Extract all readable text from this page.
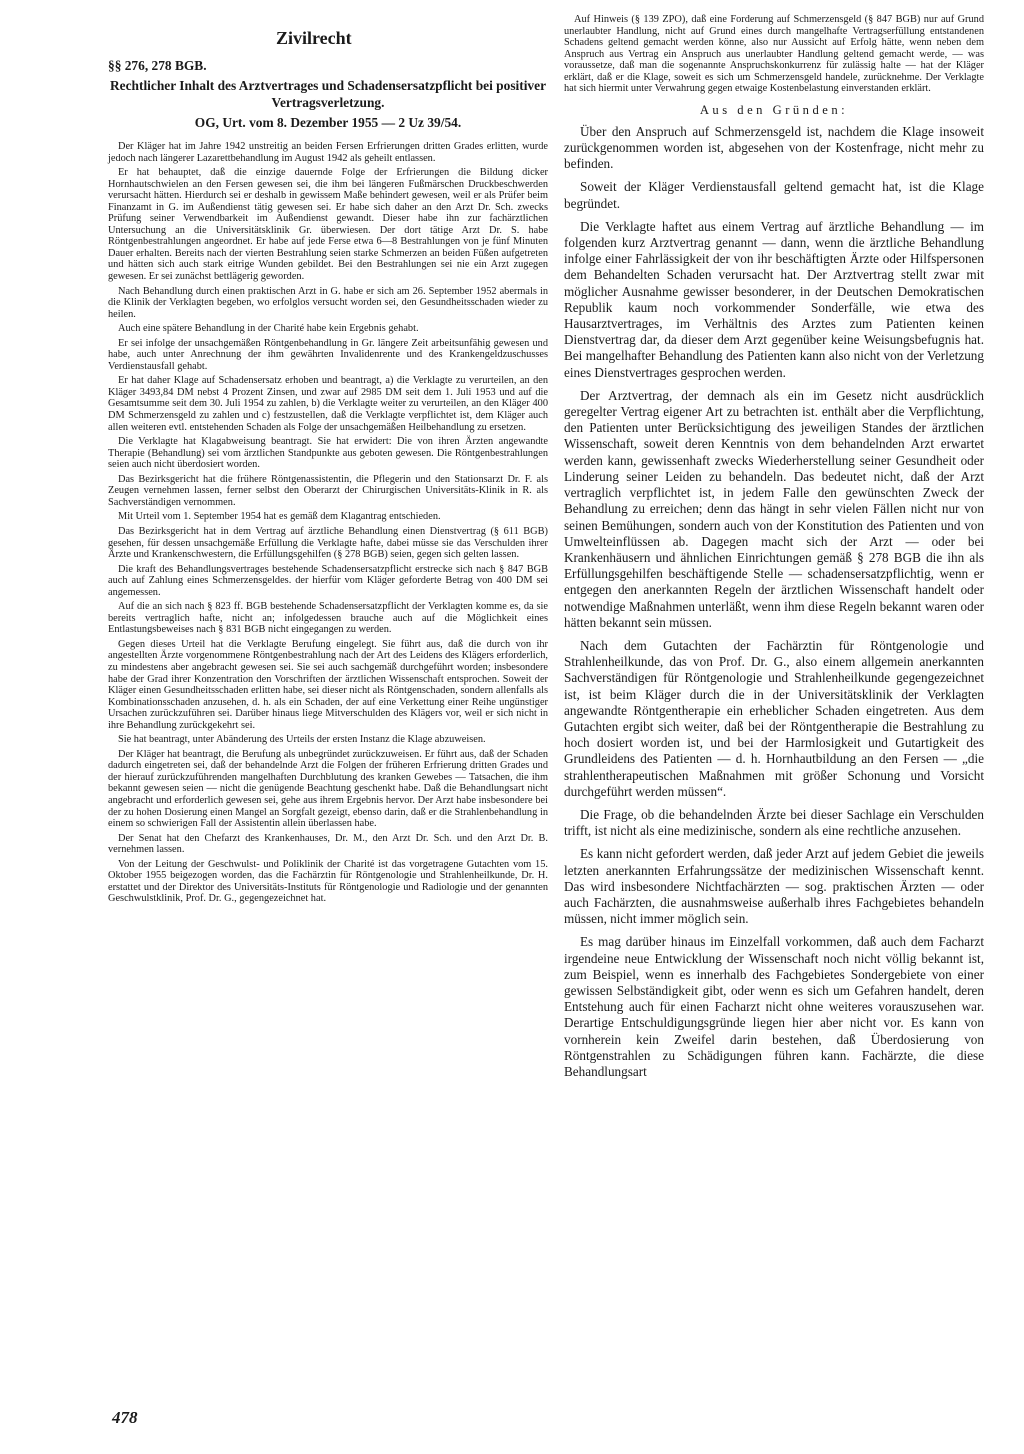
Zivilrecht

§§ 276, 278 BGB.

Rechtlicher Inhalt des Arztvertrages und Schadensersatzpflicht bei positiver Vertragsverletzung.

OG, Urt. vom 8. Dezember 1955 — 2 Uz 39/54.

Der Kläger hat im Jahre 1942 unstreitig an beiden Fersen Erfrierungen dritten Grades erlitten, wurde jedoch nach längerer Lazarettbehandlung im August 1942 als geheilt entlassen.

Er hat behauptet, daß die einzige dauernde Folge der Erfrierungen die Bildung dicker Hornhautschwielen an den Fersen gewesen sei, die ihm bei längeren Fußmärschen Druckbeschwerden verursacht hätten. Hierdurch sei er deshalb in gewissem Maße behindert gewesen, weil er als Prüfer beim Finanzamt in G. im Außendienst tätig gewesen sei. Er habe sich daher an den Arzt Dr. Sch. zwecks Prüfung seiner Verwendbarkeit im Außendienst gewandt. Dieser habe ihn zur fachärztlichen Untersuchung an die Universitätsklinik Gr. überwiesen. Der dort tätige Arzt Dr. S. habe Röntgenbestrahlungen angeordnet. Er habe auf jede Ferse etwa 6—8 Bestrahlungen von je fünf Minuten Dauer erhalten. Bereits nach der vierten Bestrahlung seien starke Schmerzen an beiden Füßen aufgetreten und hätten sich auch stark eitrige Wunden gebildet. Bei den Bestrahlungen sei nie ein Arzt zugegen gewesen. Er sei zunächst bettlägerig geworden.

Nach Behandlung durch einen praktischen Arzt in G. habe er sich am 26. September 1952 abermals in die Klinik der Verklagten begeben, wo erfolglos versucht worden sei, den Gesundheitsschaden wieder zu heilen.

Auch eine spätere Behandlung in der Charité habe kein Ergebnis gehabt.

Er sei infolge der unsachgemäßen Röntgenbehandlung in Gr. längere Zeit arbeitsunfähig gewesen und habe, auch unter Anrechnung der ihm gewährten Invalidenrente und des Krankengeldzuschusses Verdienstausfall gehabt.

Er hat daher Klage auf Schadensersatz erhoben und beantragt, a) die Verklagte zu verurteilen, an den Kläger 3493,84 DM nebst 4 Prozent Zinsen, und zwar auf 2985 DM seit dem 1. Juli 1953 und auf die Gesamtsumme seit dem 30. Juli 1954 zu zahlen, b) die Verklagte weiter zu verurteilen, an den Kläger 400 DM Schmerzensgeld zu zahlen und c) festzustellen, daß die Verklagte verpflichtet ist, dem Kläger auch allen weiteren evtl. entstehenden Schaden als Folge der unsachgemäßen Heilbehandlung zu ersetzen.

Die Verklagte hat Klagabweisung beantragt. Sie hat erwidert: Die von ihren Ärzten angewandte Therapie (Behandlung) sei vom ärztlichen Standpunkte aus geboten gewesen. Die Röntgenbestrahlungen seien auch nicht überdosiert worden.

Das Bezirksgericht hat die frühere Röntgenassistentin, die Pflegerin und den Stationsarzt Dr. F. als Zeugen vernehmen lassen, ferner selbst den Oberarzt der Chirurgischen Universitäts-Klinik in R. als Sachverständigen vernommen.

Mit Urteil vom 1. September 1954 hat es gemäß dem Klagantrag entschieden.

Das Bezirksgericht hat in dem Vertrag auf ärztliche Behandlung einen Dienstvertrag (§ 611 BGB) gesehen, für dessen unsachgemäße Erfüllung die Verklagte hafte, dabei müsse sie das Verschulden ihrer Ärzte und Krankenschwestern, die Erfüllungsgehilfen (§ 278 BGB) seien, gegen sich gelten lassen.

Die kraft des Behandlungsvertrages bestehende Schadensersatzpflicht erstrecke sich nach § 847 BGB auch auf Zahlung eines Schmerzensgeldes. der hierfür vom Kläger geforderte Betrag von 400 DM sei angemessen.

Auf die an sich nach § 823 ff. BGB bestehende Schadensersatzpflicht der Verklagten komme es, da sie bereits vertraglich hafte, nicht an; infolgedessen brauche auch auf die Möglichkeit eines Entlastungsbeweises nach § 831 BGB nicht eingegangen zu werden.

Gegen dieses Urteil hat die Verklagte Berufung eingelegt. Sie führt aus, daß die durch von ihr angestellten Ärzte vorgenommene Röntgenbestrahlung nach der Art des Leidens des Klägers erforderlich, zu mindestens aber angebracht gewesen sei. Sie sei auch sachgemäß durchgeführt worden; insbesondere habe der Grad ihrer Konzentration den Vorschriften der ärztlichen Wissenschaft entsprochen. Soweit der Kläger einen Gesundheitsschaden erlitten habe, sei dieser nicht als Röntgenschaden, sondern allenfalls als Kombinationsschaden anzusehen, d. h. als ein Schaden, der auf eine Verkettung einer Reihe ungünstiger Ursachen zurückzuführen sei. Darüber hinaus liege Mitverschulden des Klägers vor, weil er sich nicht in ihre Behandlung zurückgekehrt sei.

Sie hat beantragt, unter Abänderung des Urteils der ersten Instanz die Klage abzuweisen.

Der Kläger hat beantragt, die Berufung als unbegründet zurückzuweisen. Er führt aus, daß der Schaden dadurch eingetreten sei, daß der behandelnde Arzt die Folgen der früheren Erfrierung dritten Grades und der hierauf zurückzuführenden mangelhaften Durchblutung des kranken Gewebes — Tatsachen, die ihm bekannt gewesen seien — nicht die genügende Beachtung geschenkt habe. Daß die Behandlungsart nicht angebracht und erforderlich gewesen sei, gehe aus ihrem Ergebnis hervor. Der Arzt habe insbesondere bei der zu hohen Dosierung einen Mangel an Sorgfalt gezeigt, ebenso darin, daß er die Strahlenbehandlung in einem so schwierigen Fall der Assistentin allein überlassen habe.

Der Senat hat den Chefarzt des Krankenhauses, Dr. M., den Arzt Dr. Sch. und den Arzt Dr. B. vernehmen lassen.

Von der Leitung der Geschwulst- und Poliklinik der Charité ist das vorgetragene Gutachten vom 15. Oktober 1955 beigezogen worden, das die Fachärztin für Röntgenologie und Strahlenheilkunde, Dr. H. erstattet und der Direktor des Universitäts-Instituts für Röntgenologie und Radiologie und der genannten Geschwulstklinik, Prof. Dr. G., gegengezeichnet hat.

Auf Hinweis (§ 139 ZPO), daß eine Forderung auf Schmerzensgeld (§ 847 BGB) nur auf Grund unerlaubter Handlung, nicht auf Grund eines durch mangelhafte Vertragserfüllung entstandenen Schadens geltend gemacht werden könne, also nur Aussicht auf Erfolg hätte, wenn neben dem Anspruch aus Vertrag ein Anspruch aus unerlaubter Handlung geltend gemacht werde, — was voraussetze, daß man die sogenannte Anspruchskonkurrenz für zulässig halte — hat der Kläger erklärt, daß er die Klage, soweit es sich um Schmerzensgeld handele, zurücknehme. Der Verklagte hat sich hiermit unter Verwahrung gegen etwaige Kostenbelastung einverstanden erklärt.

Aus den Gründen:

Über den Anspruch auf Schmerzensgeld ist, nachdem die Klage insoweit zurückgenommen worden ist, abgesehen von der Kostenfrage, nicht mehr zu befinden.

Soweit der Kläger Verdienstausfall geltend gemacht hat, ist die Klage begründet.

Die Verklagte haftet aus einem Vertrag auf ärztliche Behandlung — im folgenden kurz Arztvertrag genannt — dann, wenn die ärztliche Behandlung infolge einer Fahrlässigkeit der von ihr beschäftigten Ärzte oder Hilfspersonen dem Behandelten Schaden verursacht hat. Der Arztvertrag stellt zwar mit möglicher Ausnahme gewisser besonderer, in der Deutschen Demokratischen Republik kaum noch vorkommender Sonderfälle, wie etwa des Hausarztvertrages, im Verhältnis des Arztes zum Patienten keinen Dienstvertrag dar, da dieser dem Arzt gegenüber keine Weisungsbefugnis hat. Bei mangelhafter Behandlung des Patienten kann also nicht von der Verletzung eines Dienstvertrages gesprochen werden.

Der Arztvertrag, der demnach als ein im Gesetz nicht ausdrücklich geregelter Vertrag eigener Art zu betrachten ist. enthält aber die Verpflichtung, den Patienten unter Berücksichtigung des jeweiligen Standes der ärztlichen Wissenschaft, soweit deren Kenntnis von dem behandelnden Arzt erwartet werden kann, gewissenhaft zwecks Wiederherstellung seiner Gesundheit oder Linderung seiner Leiden zu behandeln. Das bedeutet nicht, daß der Arzt vertraglich verpflichtet ist, in jedem Falle den gewünschten Zweck der Behandlung zu erreichen; denn das hängt in sehr vielen Fällen nicht nur von seinen Bemühungen, sondern auch von der Konstitution des Patienten und von Umwelteinflüssen ab. Dagegen macht sich der Arzt — oder bei Krankenhäusern und ähnlichen Einrichtungen gemäß § 278 BGB die ihn als Erfüllungsgehilfen beschäftigende Stelle — schadensersatzpflichtig, wenn er entgegen den anerkannten Regeln der ärztlichen Wissenschaft handelt oder notwendige Maßnahmen unterläßt, wenn ihm diese Regeln bekannt waren oder hätten bekannt sein müssen.

Nach dem Gutachten der Fachärztin für Röntgenologie und Strahlenheilkunde, das von Prof. Dr. G., also einem allgemein anerkannten Sachverständigen für Röntgenologie und Strahlenheilkunde gegengezeichnet ist, ist beim Kläger durch die in der Universitätsklinik der Verklagten angewandte Röntgentherapie ein erheblicher Schaden eingetreten. Aus dem Gutachten ergibt sich weiter, daß bei der Röntgentherapie die Bestrahlung zu hoch dosiert worden ist, und bei der Harmlosigkeit und Gutartigkeit des Grundleidens des Patienten — d. h. Hornhautbildung an den Fersen — „die strahlentherapeutischen Maßnahmen mit größer Schonung und Vorsicht durchgeführt werden müssen“.

Die Frage, ob die behandelnden Ärzte bei dieser Sachlage ein Verschulden trifft, ist nicht als eine medizinische, sondern als eine rechtliche anzusehen.

Es kann nicht gefordert werden, daß jeder Arzt auf jedem Gebiet die jeweils letzten anerkannten Erfahrungssätze der medizinischen Wissenschaft kennt. Das wird insbesondere Nichtfachärzten — sog. praktischen Ärzten — oder auch Fachärzten, die ausnahmsweise außerhalb ihres Fachgebietes behandeln müssen, nicht immer möglich sein.

Es mag darüber hinaus im Einzelfall vorkommen, daß auch dem Facharzt irgendeine neue Entwicklung der Wissenschaft noch nicht völlig bekannt ist, zum Beispiel, wenn es innerhalb des Fachgebietes Sondergebiete von einer gewissen Selbständigkeit gibt, oder wenn es sich um Gefahren handelt, deren Entstehung auch für einen Facharzt nicht ohne weiteres vorauszusehen war. Derartige Entschuldigungsgründe liegen hier aber nicht vor. Es kann von vornherein kein Zweifel darin bestehen, daß Überdosierung von Röntgenstrahlen zu Schädigungen führen kann. Fachärzte, die diese Behandlungsart

478
